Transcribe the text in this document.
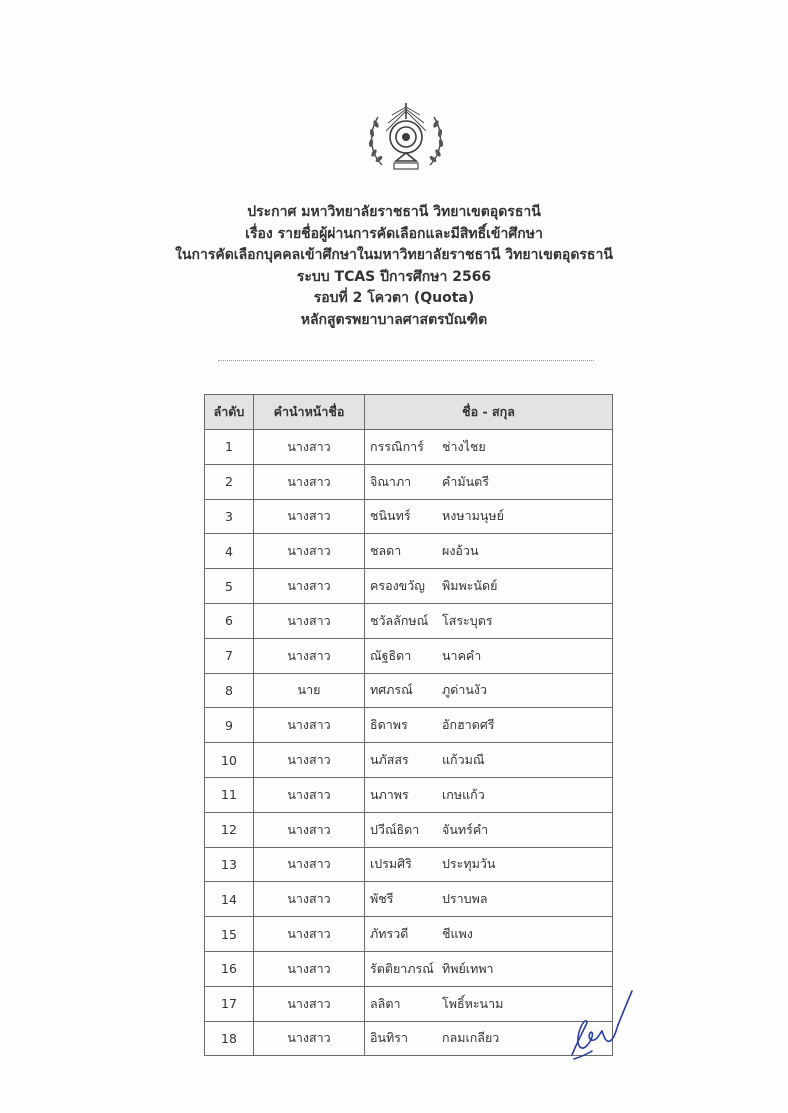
ประกาศ มหาวิทยาลัยราชธานี วิทยาเขตอุดรธานี
เรื่อง รายชื่อผู้ผ่านการคัดเลือกและมีสิทธิ์เข้าศึกษา
ในการคัดเลือกบุคคลเข้าศึกษาในมหาวิทยาลัยราชธานี วิทยาเขตอุดรธานี
ระบบ TCAS ปีการศึกษา 2566
รอบที่ 2 โควตา (Quota)
หลักสูตรพยาบาลศาสตรบัณฑิต
ลำดับ	คำนำหน้าชื่อ	ชื่อ - สกุล
1	นางสาว	กรรณิการ์ ช่างไชย
2	นางสาว	จิณาภา คำมันตรี
3	นางสาว	ชนินทร์ หงษามนุษย์
4	นางสาว	ชลดา ผงอ้วน
5	นางสาว	ครองขวัญ พิมพะนัดย์
6	นางสาว	ชวัลลักษณ์ โสระบุตร
7	นางสาว	ณัฐธิดา นาคคำ
8	นาย	ทศภรณ์ ภูด่านงัว
9	นางสาว	ธิดาพร อักฮาดศรี
10	นางสาว	นภัสสร แก้วมณี
11	นางสาว	นภาพร เกษแก้ว
12	นางสาว	ปวีณ์ธิดา จันทร์คำ
13	นางสาว	เปรมศิริ ประทุมวัน
14	นางสาว	พัชรี ปราบพล
15	นางสาว	ภัทรวดี ชีแพง
16	นางสาว	รัตติยาภรณ์ ทิพย์เทพา
17	นางสาว	ลลิตา โพธิ์หะนาม
18	นางสาว	อินทิรา กลมเกลียว
